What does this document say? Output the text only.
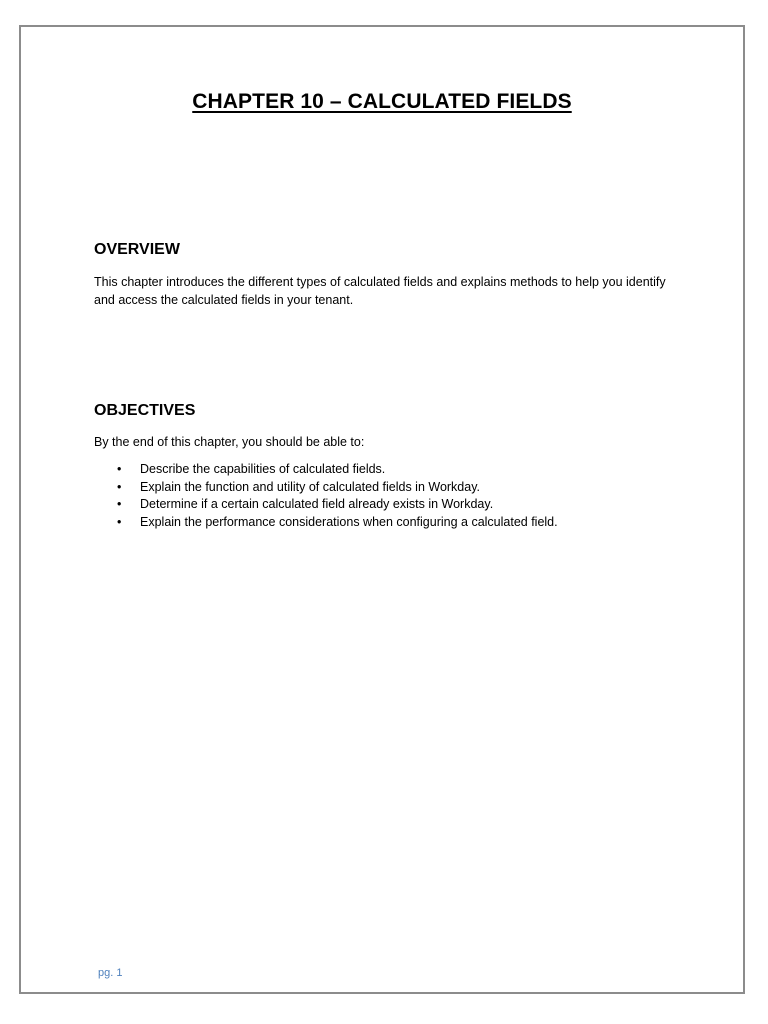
CHAPTER 10 – CALCULATED FIELDS
OVERVIEW

This chapter introduces the different types of calculated fields and explains methods to help you identify and access the calculated fields in your tenant.

OBJECTIVES

By the end of this chapter, you should be able to:

• Describe the capabilities of calculated fields.
• Explain the function and utility of calculated fields in Workday.
• Determine if a certain calculated field already exists in Workday.
• Explain the performance considerations when configuring a calculated field.
pg. 1
